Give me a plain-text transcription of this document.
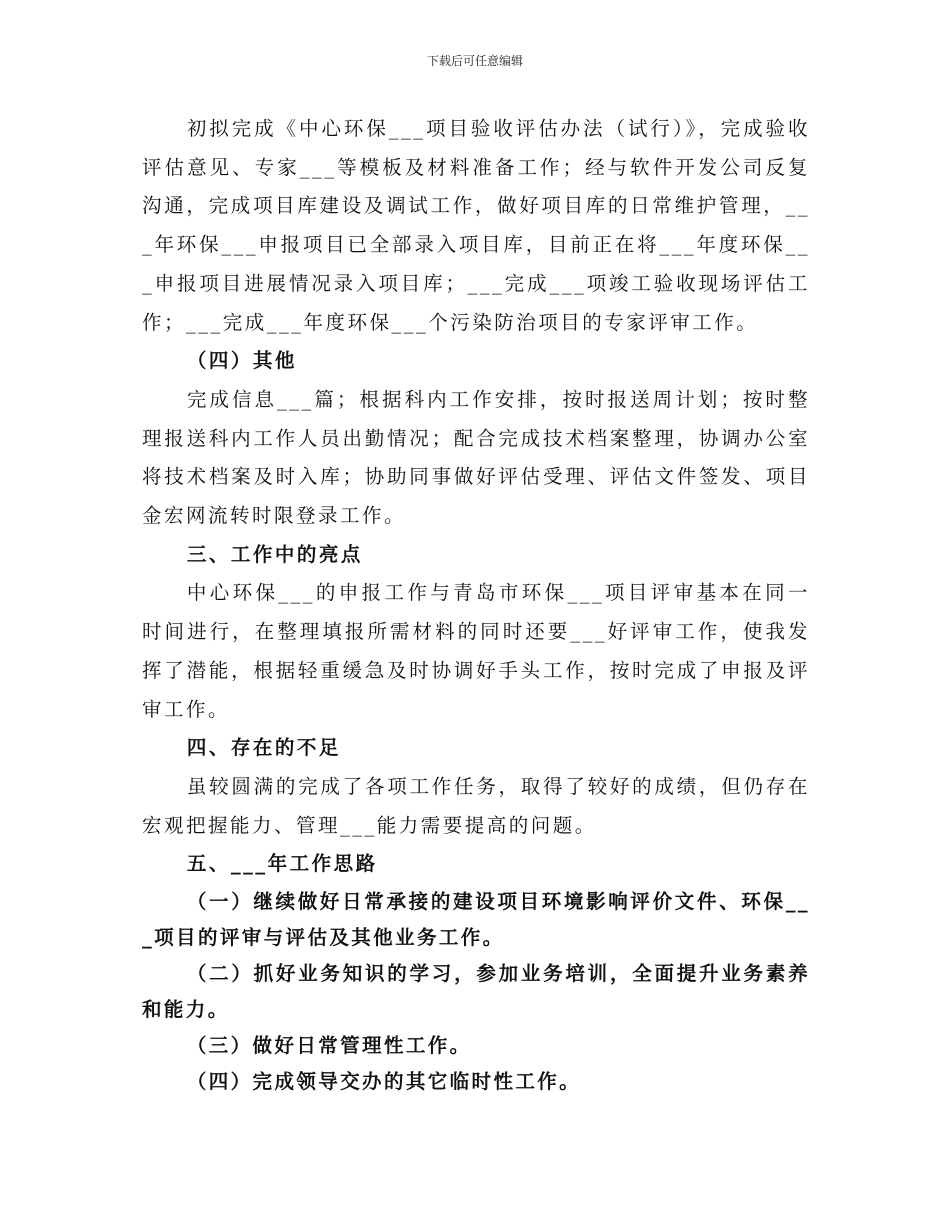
下载后可任意编辑

初拟完成《中心环保___项目验收评估办法（试行）》，完成验收评估意见、专家___等模板及材料准备工作；经与软件开发公司反复沟通，完成项目库建设及调试工作，做好项目库的日常维护管理，___年环保___申报项目已全部录入项目库，目前正在将___年度环保___申报项目进展情况录入项目库；___完成___项竣工验收现场评估工作；___完成___年度环保___个污染防治项目的专家评审工作。

（四）其他

完成信息___篇；根据科内工作安排，按时报送周计划；按时整理报送科内工作人员出勤情况；配合完成技术档案整理，协调办公室将技术档案及时入库；协助同事做好评估受理、评估文件签发、项目金宏网流转时限登录工作。

三、工作中的亮点

中心环保___的申报工作与青岛市环保___项目评审基本在同一时间进行，在整理填报所需材料的同时还要___好评审工作，使我发挥了潜能，根据轻重缓急及时协调好手头工作，按时完成了申报及评审工作。

四、存在的不足

虽较圆满的完成了各项工作任务，取得了较好的成绩，但仍存在宏观把握能力、管理___能力需要提高的问题。

五、___年工作思路

（一）继续做好日常承接的建设项目环境影响评价文件、环保___项目的评审与评估及其他业务工作。

（二）抓好业务知识的学习，参加业务培训，全面提升业务素养和能力。

（三）做好日常管理性工作。

（四）完成领导交办的其它临时性工作。
